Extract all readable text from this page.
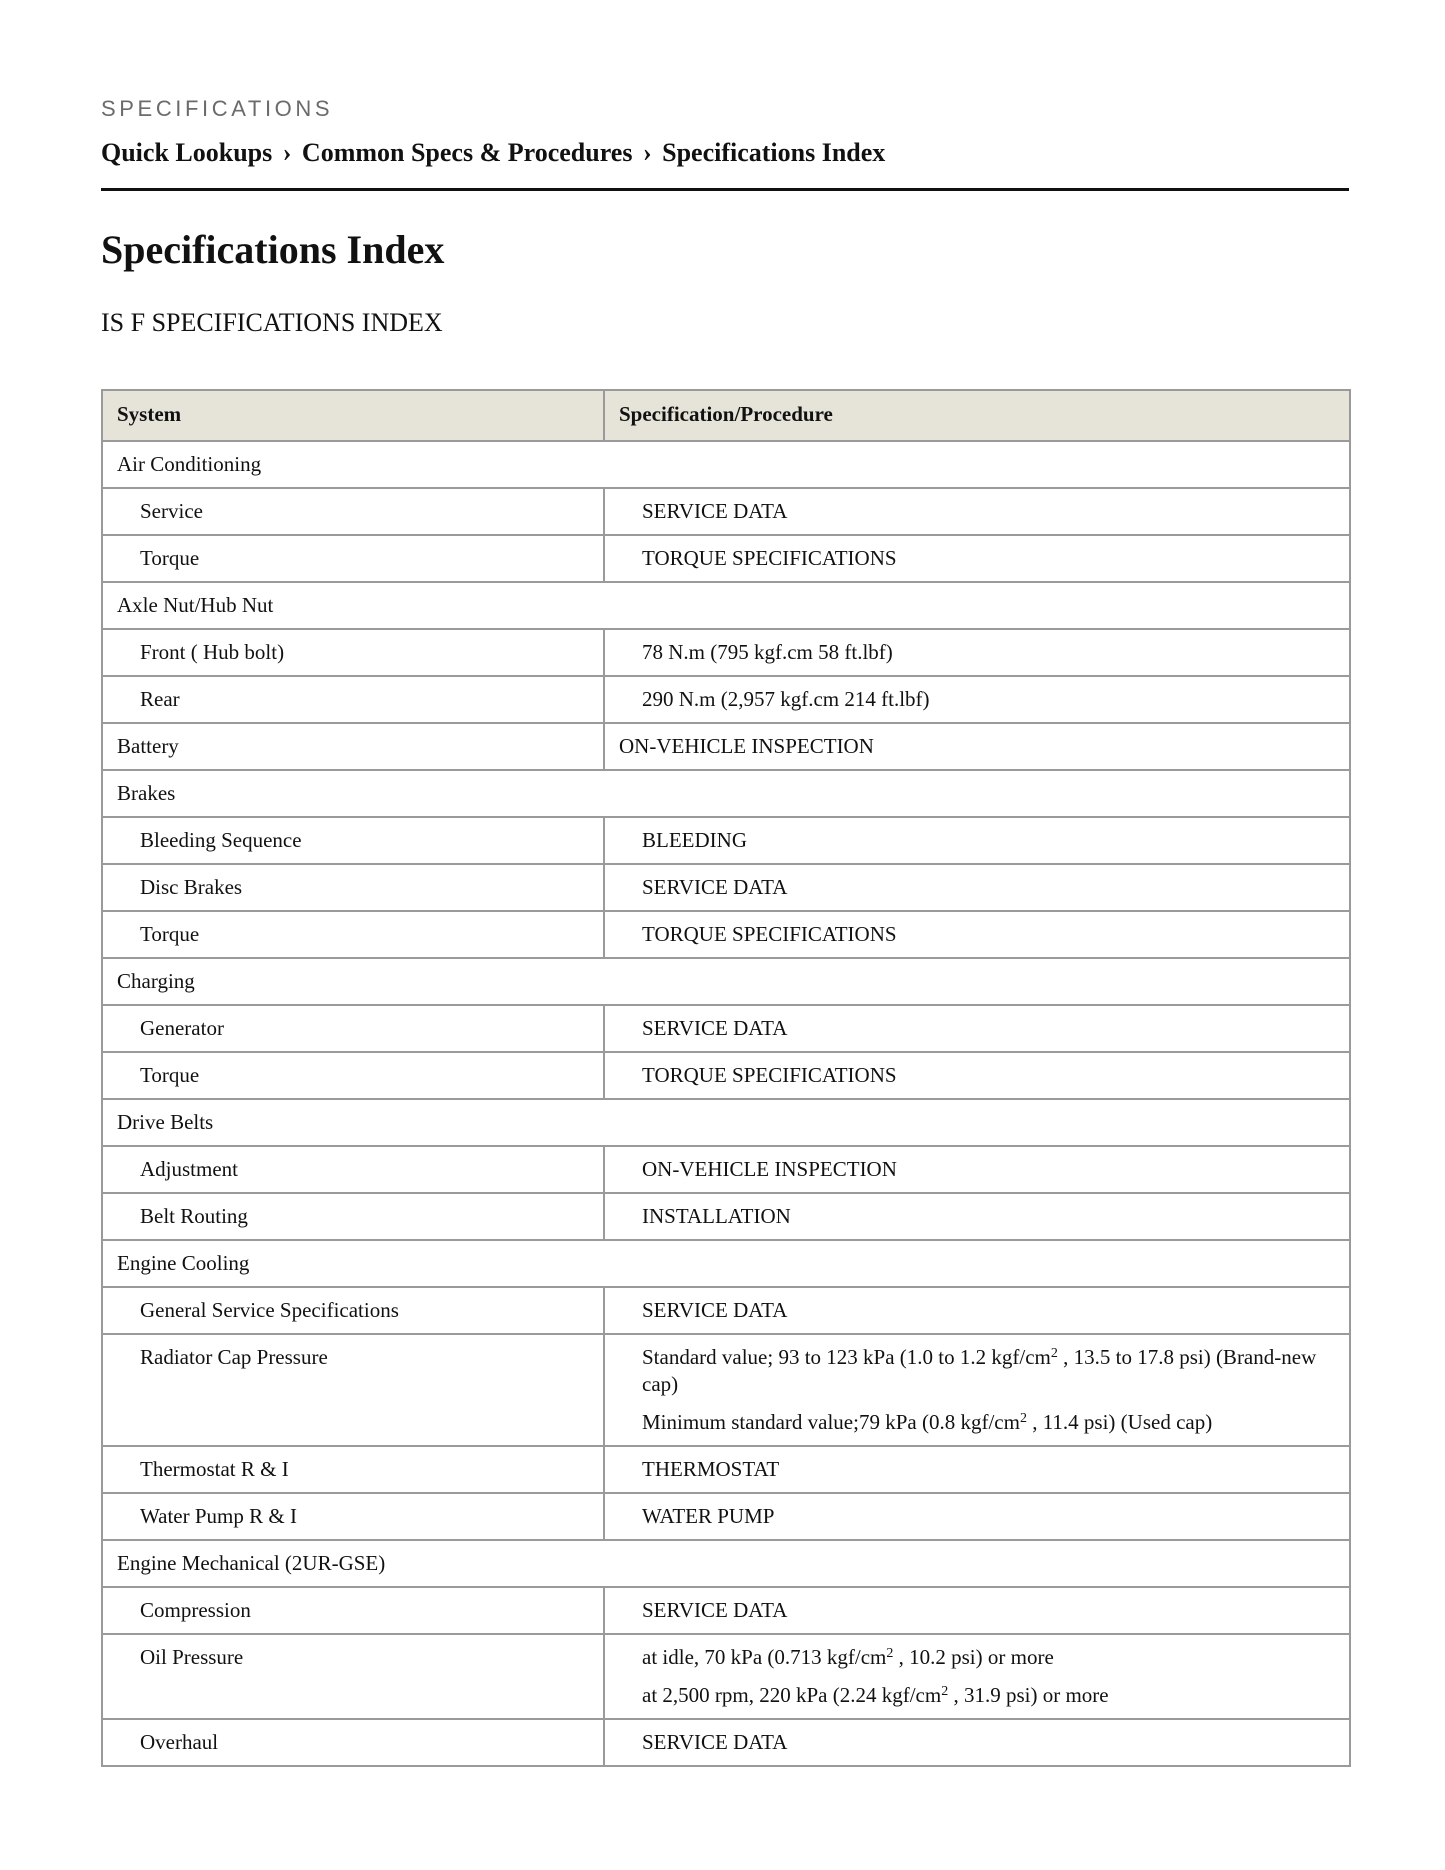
SPECIFICATIONS
Quick Lookups › Common Specs & Procedures › Specifications Index
Specifications Index
IS F SPECIFICATIONS INDEX
System	Specification/Procedure
Air Conditioning	
Service	SERVICE DATA
Torque	TORQUE SPECIFICATIONS
Axle Nut/Hub Nut	
Front ( Hub bolt)	78 N.m (795 kgf.cm 58 ft.lbf)
Rear	290 N.m (2,957 kgf.cm 214 ft.lbf)
Battery	ON-VEHICLE INSPECTION
Brakes	
Bleeding Sequence	BLEEDING
Disc Brakes	SERVICE DATA
Torque	TORQUE SPECIFICATIONS
Charging	
Generator	SERVICE DATA
Torque	TORQUE SPECIFICATIONS
Drive Belts	
Adjustment	ON-VEHICLE INSPECTION
Belt Routing	INSTALLATION
Engine Cooling	
General Service Specifications	SERVICE DATA
Radiator Cap Pressure	Standard value; 93 to 123 kPa (1.0 to 1.2 kgf/$cm^2$ , 13.5 to 17.8 psi) (Brand-new cap)

Minimum standard value;79 kPa (0.8 kgf/$cm^2$ , 11.4 psi) (Used cap)

Thermostat R & I	THERMOSTAT
Water Pump R & I	WATER PUMP
Engine Mechanical (2UR-GSE)	
Compression	SERVICE DATA
Oil Pressure	at idle, 70 kPa (0.713 kgf/$cm^2$ , 10.2 psi) or more

at 2,500 rpm, 220 kPa (2.24 kgf/$cm^2$ , 31.9 psi) or more

Overhaul	SERVICE DATA
